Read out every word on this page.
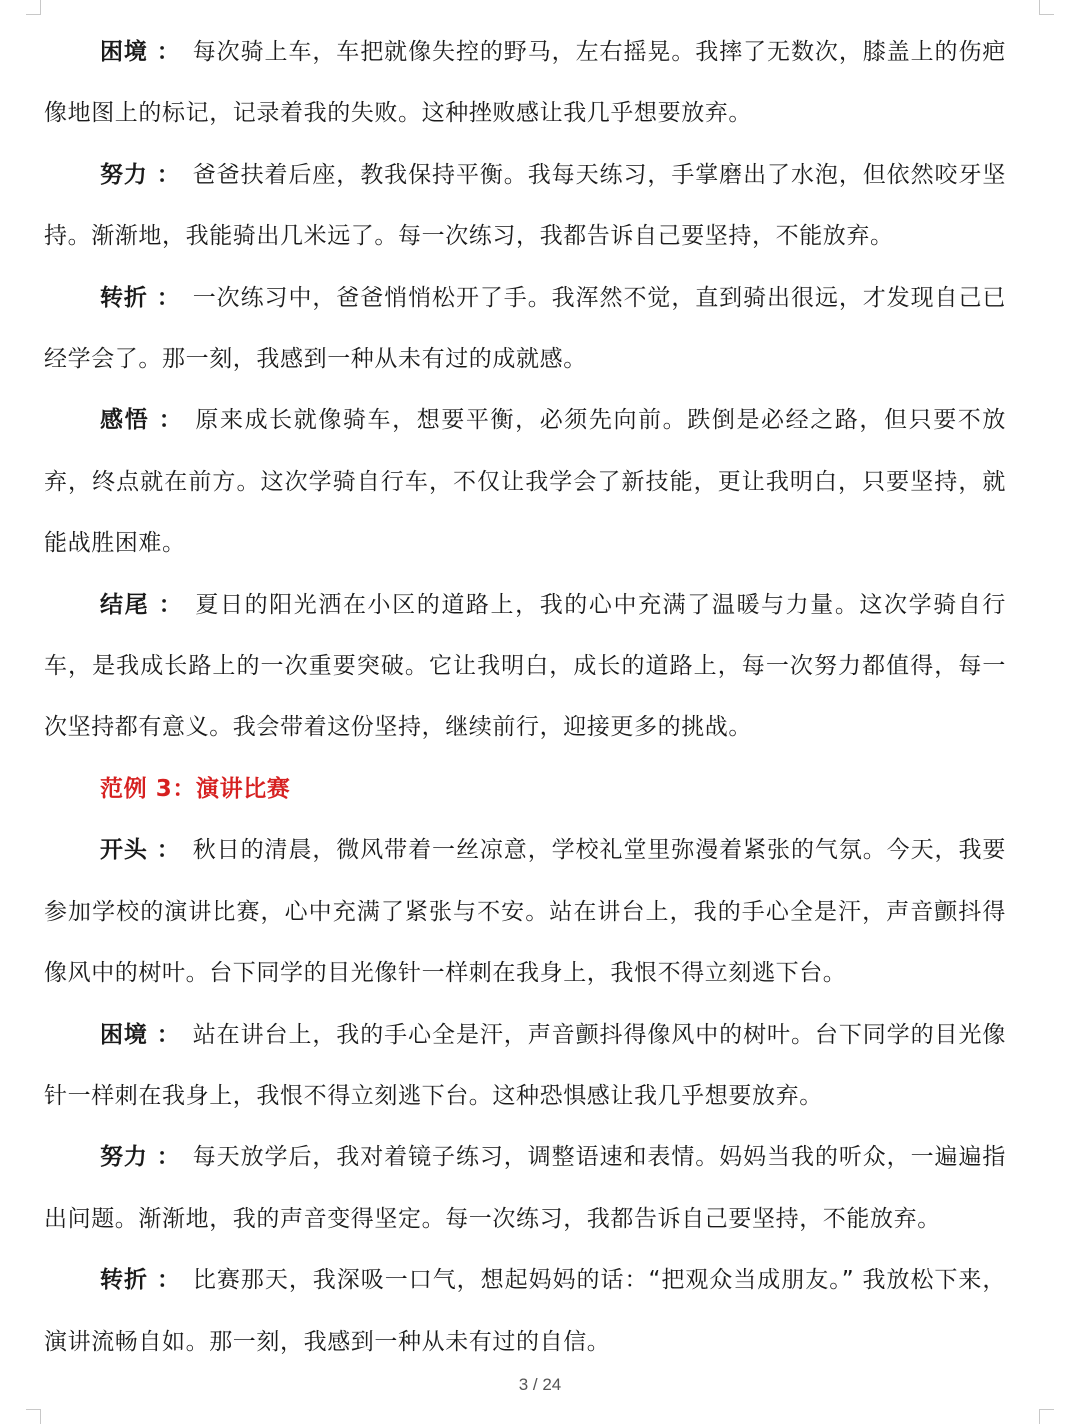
困境 ： 每次骑上车，车把就像失控的野马，左右摇晃。我摔了无数次，膝盖上的伤疤像地图上的标记，记录着我的失败。这种挫败感让我几乎想要放弃。

努力 ： 爸爸扶着后座，教我保持平衡。我每天练习，手掌磨出了水泡，但依然咬牙坚持。渐渐地，我能骑出几米远了。每一次练习，我都告诉自己要坚持，不能放弃。

转折 ： 一次练习中，爸爸悄悄松开了手。我浑然不觉，直到骑出很远，才发现自己已经学会了。那一刻，我感到一种从未有过的成就感。

感悟 ： 原来成长就像骑车，想要平衡，必须先向前。跌倒是必经之路，但只要不放弃，终点就在前方。这次学骑自行车，不仅让我学会了新技能，更让我明白，只要坚持，就能战胜困难。

结尾 ： 夏日的阳光洒在小区的道路上，我的心中充满了温暖与力量。这次学骑自行车，是我成长路上的一次重要突破。它让我明白，成长的道路上，每一次努力都值得，每一次坚持都有意义。我会带着这份坚持，继续前行，迎接更多的挑战。

范例 3：演讲比赛

开头 ： 秋日的清晨，微风带着一丝凉意，学校礼堂里弥漫着紧张的气氛。今天，我要参加学校的演讲比赛，心中充满了紧张与不安。站在讲台上，我的手心全是汗，声音颤抖得像风中的树叶。台下同学的目光像针一样刺在我身上，我恨不得立刻逃下台。

困境 ： 站在讲台上，我的手心全是汗，声音颤抖得像风中的树叶。台下同学的目光像针一样刺在我身上，我恨不得立刻逃下台。这种恐惧感让我几乎想要放弃。

努力 ： 每天放学后，我对着镜子练习，调整语速和表情。妈妈当我的听众，一遍遍指出问题。渐渐地，我的声音变得坚定。每一次练习，我都告诉自己要坚持，不能放弃。

转折 ： 比赛那天，我深吸一口气，想起妈妈的话：“把观众当成朋友。” 我放松下来，演讲流畅自如。那一刻，我感到一种从未有过的自信。

3 / 24
